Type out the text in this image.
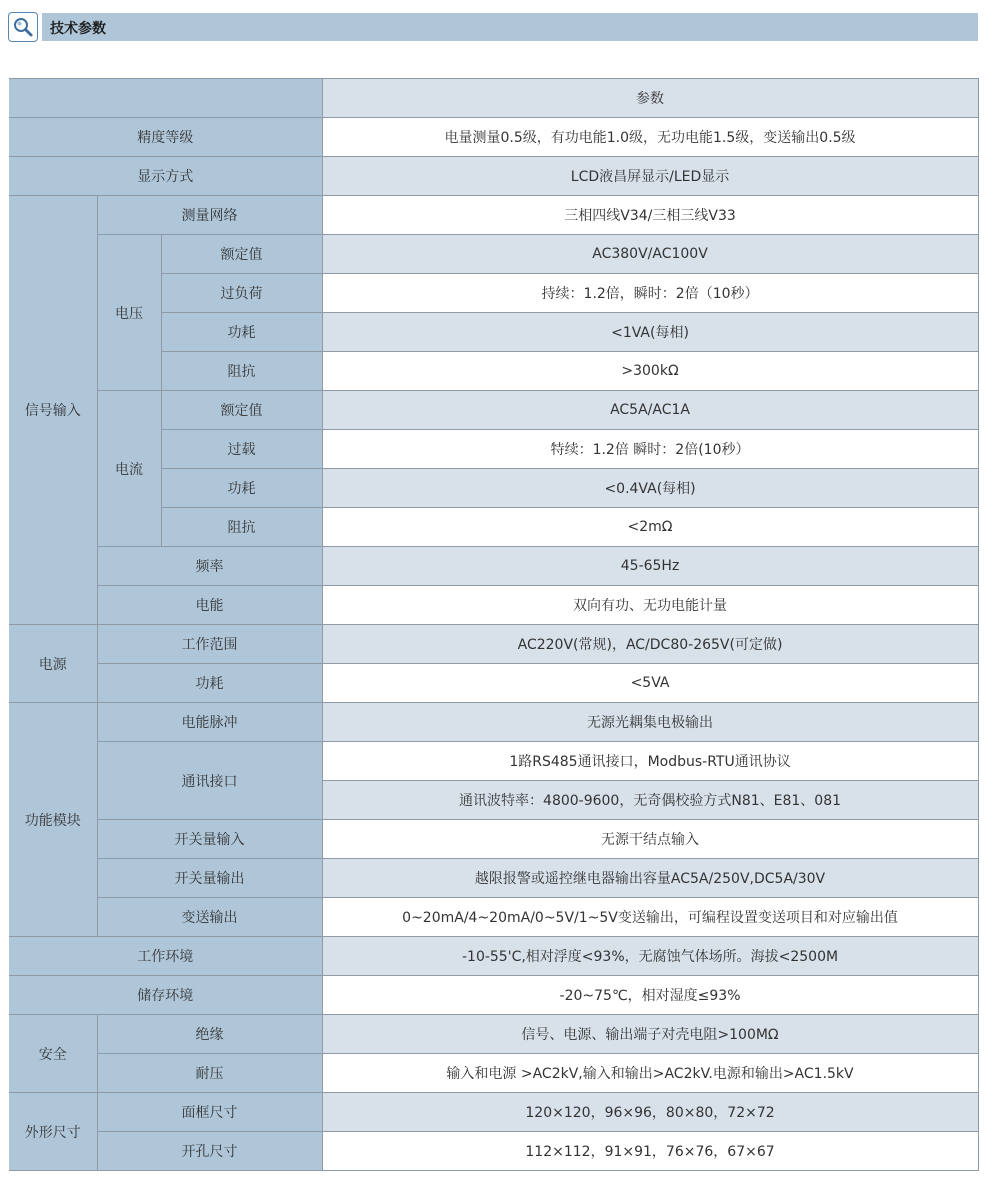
技术参数
			参数
精度等级			电量测量0.5级，有功电能1.0级，无功电能1.5级，变送输出0.5级
显示方式			LCD液昌屏显示/LED显示
信号输入	测量网络		三相四线V34/三相三线V33
	电压	额定值	AC380V/AC100V
		过负荷	持续：1.2倍，瞬时：2倍（10秒）
		功耗	<1VA(每相)
		阻抗	>300kΩ
	电流	额定值	AC5A/AC1A
		过载	特续：1.2倍 瞬时：2倍(10秒）
		功耗	<0.4VA(每相)
		阻抗	<2mΩ
	频率		45-65Hz
	电能		双向有功、无功电能计量
电源	工作范围		AC220V(常规)，AC/DC80-265V(可定做)
	功耗		<5VA
功能模块	电能脉冲		无源光耦集电极输出
	通讯接口		1路RS485通讯接口，Modbus-RTU通讯协议
			通讯波特率：4800-9600，无奇偶校验方式N81、E81、081
	开关量输入		无源干结点输入
	开关量输出		越限报警或遥控继电器输出容量AC5A/250V,DC5A/30V
	变送输出		0~20mA/4~20mA/0~5V/1~5V变送输出，可编程设置变送项目和对应输出值
工作环境			-10-55'C,相对浮度<93%，无腐蚀气体场所。海拔<2500M
储存环境			-20~75℃，相对湿度≤93%
安全	绝缘		信号、电源、输出端子对壳电阻>100MΩ
	耐压		输入和电源 >AC2kV,输入和输出>AC2kV.电源和输出>AC1.5kV
外形尺寸	面框尺寸		120×120，96×96，80×80，72×72
	开孔尺寸		112×112，91×91，76×76，67×67
